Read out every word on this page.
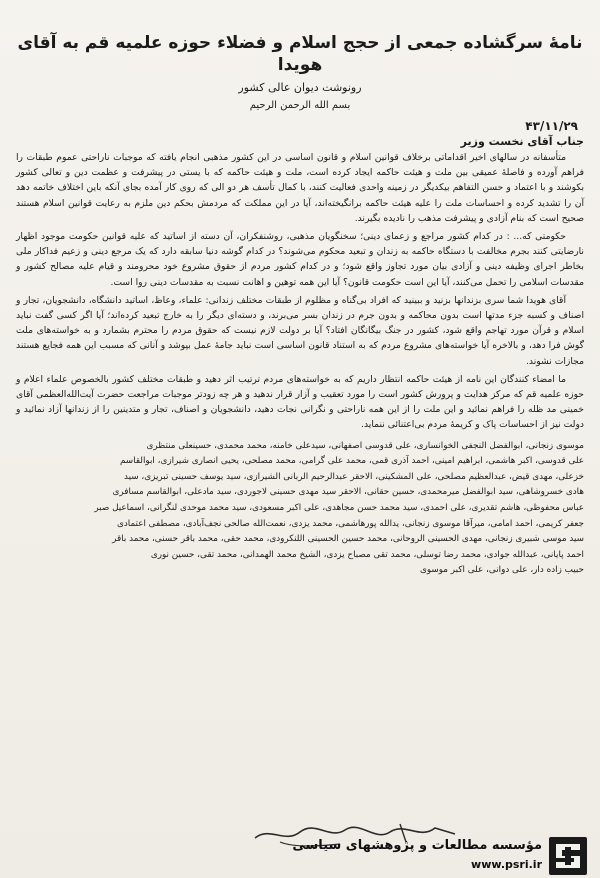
نامهٔ سرگشاده جمعی از حجج اسلام و فضلاء حوزه علمیه قم به آقای هویدا
رونوشت دیوان عالی کشور
بسم الله الرحمن الرحیم
۴۳/۱۱/۲۹
جناب آقای نخست وزیر

متأسفانه در سالهای اخیر اقداماتی برخلاف قوانین اسلام و قانون اساسی در این کشور مذهبی انجام یافته که موجبات ناراحتی عموم طبقات را فراهم آورده و فاصلهٔ عمیقی بین ملت و هیئت حاکمه ایجاد کرده است، ملت و هیئت حاکمه که با یستی در پیشرفت و عظمت دین و تعالی کشور بکوشند و با اعتماد و حسن التفاهم بیکدیگر در زمینه واحدی فعالیت کنند، با کمال تأسف هر دو الی که روی کار آمده بجای آنکه باین اختلاف خاتمه دهد آن را تشدید کرده و احساسات ملت را علیه هیئت حاکمه برانگیخته‌اند، آیا در این مملکت که مردمش بحکم دین ملزم به رعایت قوانین اسلام هستند صحیح است که بنام آزادی و پیشرفت مذهب را نادیده بگیرند.

حکومتی که... : در کدام کشور مراجع و زعمای دینی؛ سخنگویان مذهبی، روشنفکران، آن دسته از اساتید که علیه قوانین حکومت موجود اظهار نارضایتی کنند بجرم مخالفت با دستگاه حاکمه به زندان و تبعید محکوم می‌شوند؟ در کدام گوشه دنیا سابقه دارد که یک مرجع دینی و زعیم فداکار ملی بخاطر اجرای وظیفه دینی و آزادی بیان مورد تجاوز واقع شود؛ و در کدام کشور مردم از حقوق مشروع خود محرومند و قیام علیه مصالح کشور و مقدسات اسلامی را تحمل می‌کنند، آیا این است حکومت قانون؟ آیا این همه توهین و اهانت نسبت به مقدسات دینی روا است.

آقای هویدا شما سری بزندانها بزنید و ببینید که افراد بی‌گناه و مظلوم از طبقات مختلف زندانی: علماء، وعاظ، اساتید دانشگاه، دانشجویان، تجار و اصناف و کسبه جزء مدتها است بدون محاکمه و بدون جرم در زندان بسر می‌برند، و دسته‌ای دیگر را به خارج تبعید کرده‌اند؛ آیا اگر کسی گفت نباید اسلام و قرآن مورد تهاجم واقع شود، کشور در جنگ بیگانگان افتاد؟ آیا بر دولت لازم نیست که حقوق مردم را محترم بشمارد و به خواسته‌های ملت گوش فرا دهد، و بالاخره آیا خواسته‌های مشروع مردم که به استناد قانون اساسی است نباید جامهٔ عمل بپوشد و آنانی که مسبب این همه فجایع هستند مجازات نشوند.

ما امضاء کنندگان این نامه از هیئت حاکمه انتظار داریم که به خواسته‌های مردم ترتیب اثر دهید و طبقات مختلف کشور بالخصوص علماء اعلام و حوزه علمیه قم که مرکز هدایت و پرورش کشور است را مورد تعقیب و آزار قرار ندهید و هر چه زودتر موجبات مراجعت حضرت آیت‌الله‌العظمی آقای خمینی مد ظله را فراهم نمائید و این ملت را از این همه ناراحتی و نگرانی نجات دهید، دانشجویان و اصناف، تجار و متدینین را از زندانها آزاد نمائید و دولت نیز از احساسات پاک و کریمهٔ مردم بی‌اعتنائی ننماید.

موسوی زنجانی، ابوالفضل النجفی الخوانساری، علی قدوسی اصفهانی، سیدعلی خامنه، محمد محمدی، حسینعلی منتظری
علی قدوسی، اکبر هاشمی، ابراهیم امینی، احمد آذری قمی، محمد علی گرامی، محمد مصلحی، یحیی انصاری شیرازی، ابوالقاسم
خزعلی، مهدی قیض، عبدالعظیم مصلحی، علی المشکینی، الاحقر عبدالرحیم الربانی الشیرازی، سید یوسف حسینی تبریزی، سید
هادی خسروشاهی، سید ابوالفضل میرمحمدی، حسین حقانی، الاحقر سید مهدی حسینی لاجوردی، سید مادعلی، ابوالقاسم مسافری
عباس محفوظی، هاشم تقدیری، علی احمدی، سید محمد حسن مجاهدی، علی اکبر مسعودی، سید محمد موحدی لنگرانی، اسماعیل صبر
جعفر کریمی، احمد امامی، میرآقا موسوی زنجانی، یدالله پورهاشمی، محمد یزدی، نعمت‌الله صالحی نجف‌آبادی، مصطفی اعتمادی
سید موسی شبیری زنجانی، مهدی الحسینی الروحانی، محمد حسین الحسینی اللنکرودی، محمد حقی، محمد باقر حسنی، محمد باقر
احمد پایانی، عبدالله جوادی، محمد رضا توسلی، محمد تقی مصباح یزدی، الشیخ محمد الهمدانی، محمد تقی، حسین نوری
حبیب زاده دار، علی دوانی، علی اکبر موسوی
مؤسسه مطالعات و پژوهشهای سیاسی
www.psri.ir
